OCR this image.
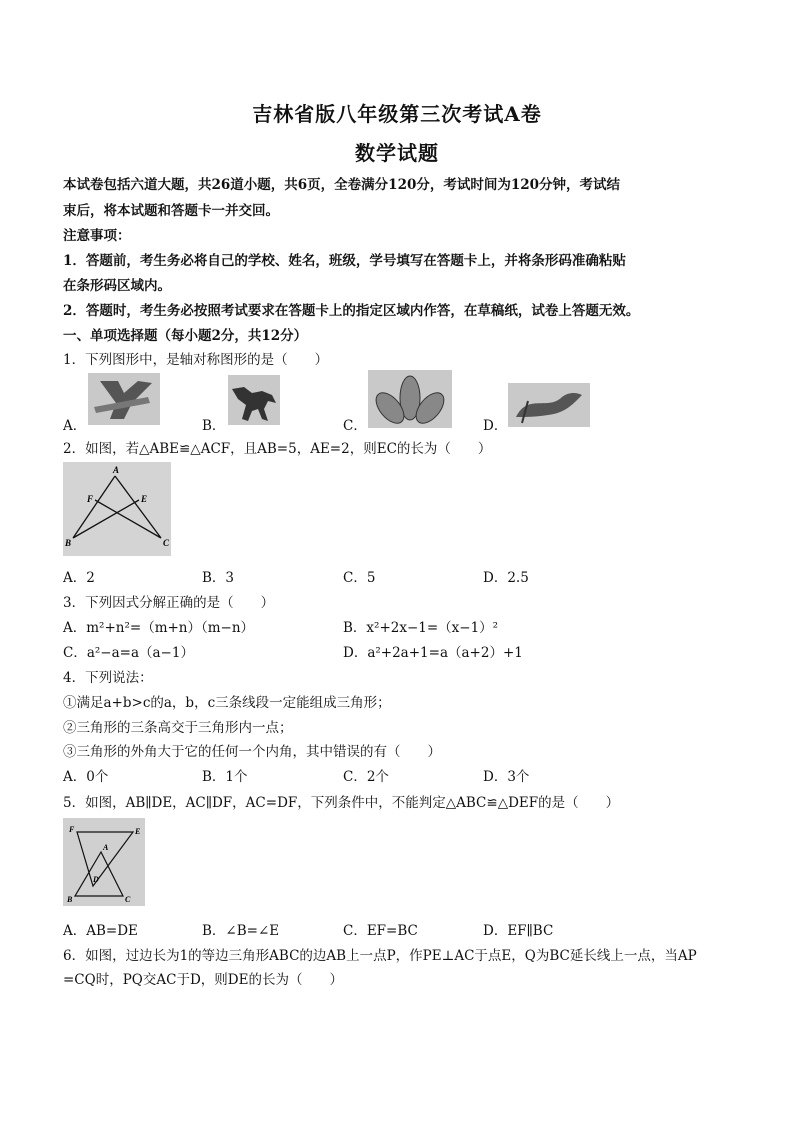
吉林省版八年级第三次考试A卷
数学试题
本试卷包括六道大题，共26道小题，共6页，全卷满分120分，考试时间为120分钟，考试结
束后，将本试题和答题卡一并交回。
注意事项：
1．答题前，考生务必将自己的学校、姓名，班级，学号填写在答题卡上，并将条形码准确粘贴
在条形码区域内。
2．答题时，考生务必按照考试要求在答题卡上的指定区域内作答，在草稿纸，试卷上答题无效。
一、单项选择题（每小题2分，共12分）
1．下列图形中，是轴对称图形的是（　　）
A．	B．	C．	D．
2．如图，若△ABE≌△ACF，且AB=5，AE=2，则EC的长为（　　）
A
F	E
B	C
A．2	B．3	C．5	D．2.5
3．下列因式分解正确的是（　　）
A．m²+n²=（m+n）（m−n）	B．x²+2x−1=（x−1）²
C．a²−a=a（a−1）	D．a²+2a+1=a（a+2）+1
4．下列说法：
①满足a+b>c的a，b，c三条线段一定能组成三角形；
②三角形的三条高交于三角形内一点；
③三角形的外角大于它的任何一个内角，其中错误的有（　　）
A．0个	B．1个	C．2个	D．3个
5．如图，AB∥DE，AC∥DF，AC=DF，下列条件中，不能判定△ABC≌△DEF的是（　　）
F	E
A
D
B	C
A．AB=DE	B．∠B=∠E	C．EF=BC	D．EF∥BC
6．如图，过边长为1的等边三角形ABC的边AB上一点P，作PE⊥AC于点E，Q为BC延长线上一点，当AP
=CQ时，PQ交AC于D，则DE的长为（　　）
